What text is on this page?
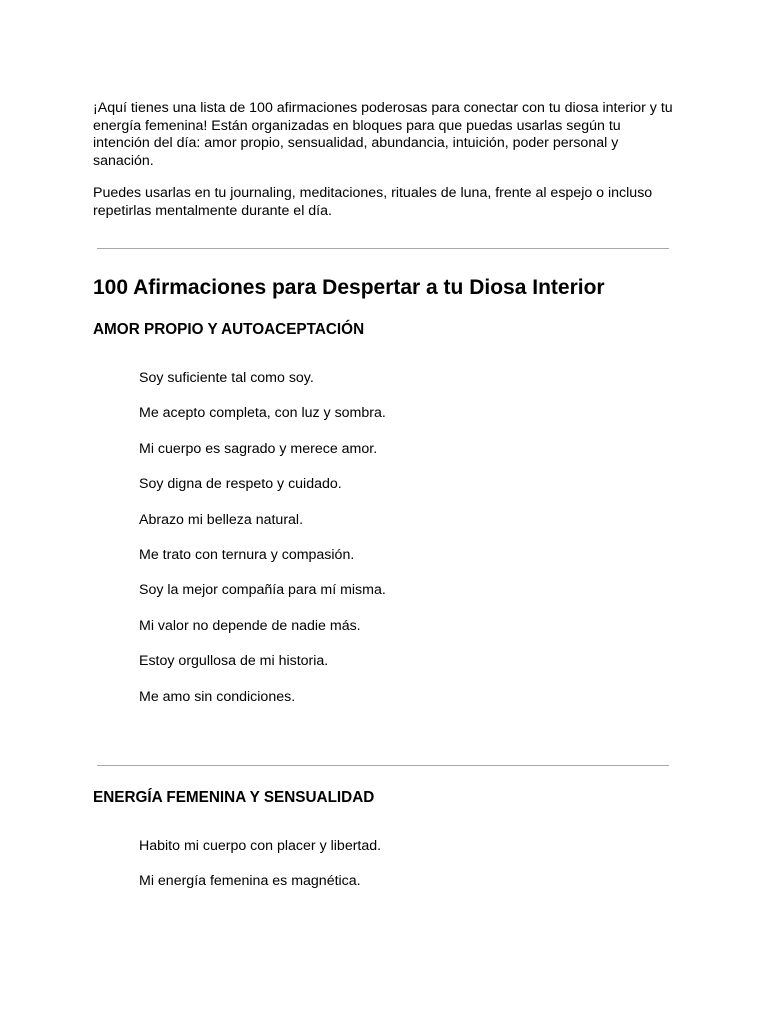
¡Aquí tienes una lista de 100 afirmaciones poderosas para conectar con tu diosa interior y tu energía femenina! Están organizadas en bloques para que puedas usarlas según tu intención del día: amor propio, sensualidad, abundancia, intuición, poder personal y sanación.

Puedes usarlas en tu journaling, meditaciones, rituales de luna, frente al espejo o incluso repetirlas mentalmente durante el día.

100 Afirmaciones para Despertar a tu Diosa Interior
AMOR PROPIO Y AUTOACEPTACIÓN
Soy suficiente tal como soy.
Me acepto completa, con luz y sombra.
Mi cuerpo es sagrado y merece amor.
Soy digna de respeto y cuidado.
Abrazo mi belleza natural.
Me trato con ternura y compasión.
Soy la mejor compañía para mí misma.
Mi valor no depende de nadie más.
Estoy orgullosa de mi historia.
Me amo sin condiciones.
ENERGÍA FEMENINA Y SENSUALIDAD
Habito mi cuerpo con placer y libertad.
Mi energía femenina es magnética.
